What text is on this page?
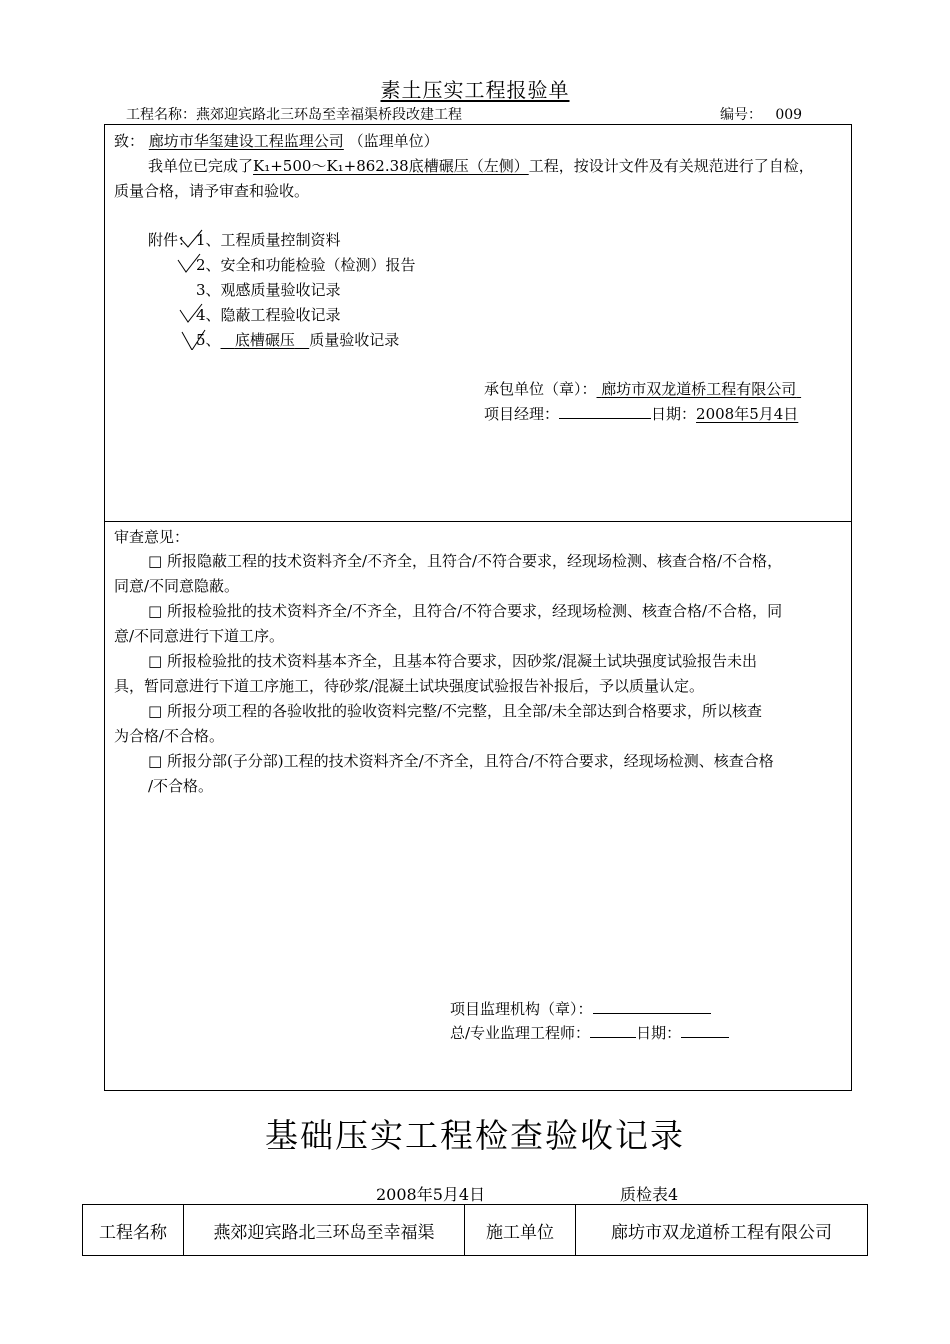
素土压实工程报验单
工程名称：燕郊迎宾路北三环岛至幸福渠桥段改建工程	编号： 009
致： 廊坊市华玺建设工程监理公司 （监理单位）
我单位已完成了K₁+500～K₁+862.38底槽碾压（左侧）工程，按设计文件及有关规范进行了自检，
质量合格，请予审查和验收。
附件： 1、工程质量控制资料
2、安全和功能检验（检测）报告
3、观感质量验收记录
4、隐蔽工程验收记录
5、 底槽碾压 质量验收记录
承包单位（章）： 廊坊市双龙道桥工程有限公司
项目经理：	日期：2008年5月4日
审查意见：
□ 所报隐蔽工程的技术资料齐全/不齐全，且符合/不符合要求，经现场检测、核查合格/不合格，
同意/不同意隐蔽。
□ 所报检验批的技术资料齐全/不齐全，且符合/不符合要求，经现场检测、核查合格/不合格，同
意/不同意进行下道工序。
□ 所报检验批的技术资料基本齐全，且基本符合要求，因砂浆/混凝土试块强度试验报告未出
具，暂同意进行下道工序施工，待砂浆/混凝土试块强度试验报告补报后，予以质量认定。
□ 所报分项工程的各验收批的验收资料完整/不完整，且全部/未全部达到合格要求，所以核查
为合格/不合格。
□ 所报分部(子分部)工程的技术资料齐全/不齐全，且符合/不符合要求，经现场检测、核查合格
/不合格。
项目监理机构（章）：
总/专业监理工程师：	日期：
基础压实工程检查验收记录
2008年5月4日	质检表4
工程名称	燕郊迎宾路北三环岛至幸福渠	施工单位	廊坊市双龙道桥工程有限公司
